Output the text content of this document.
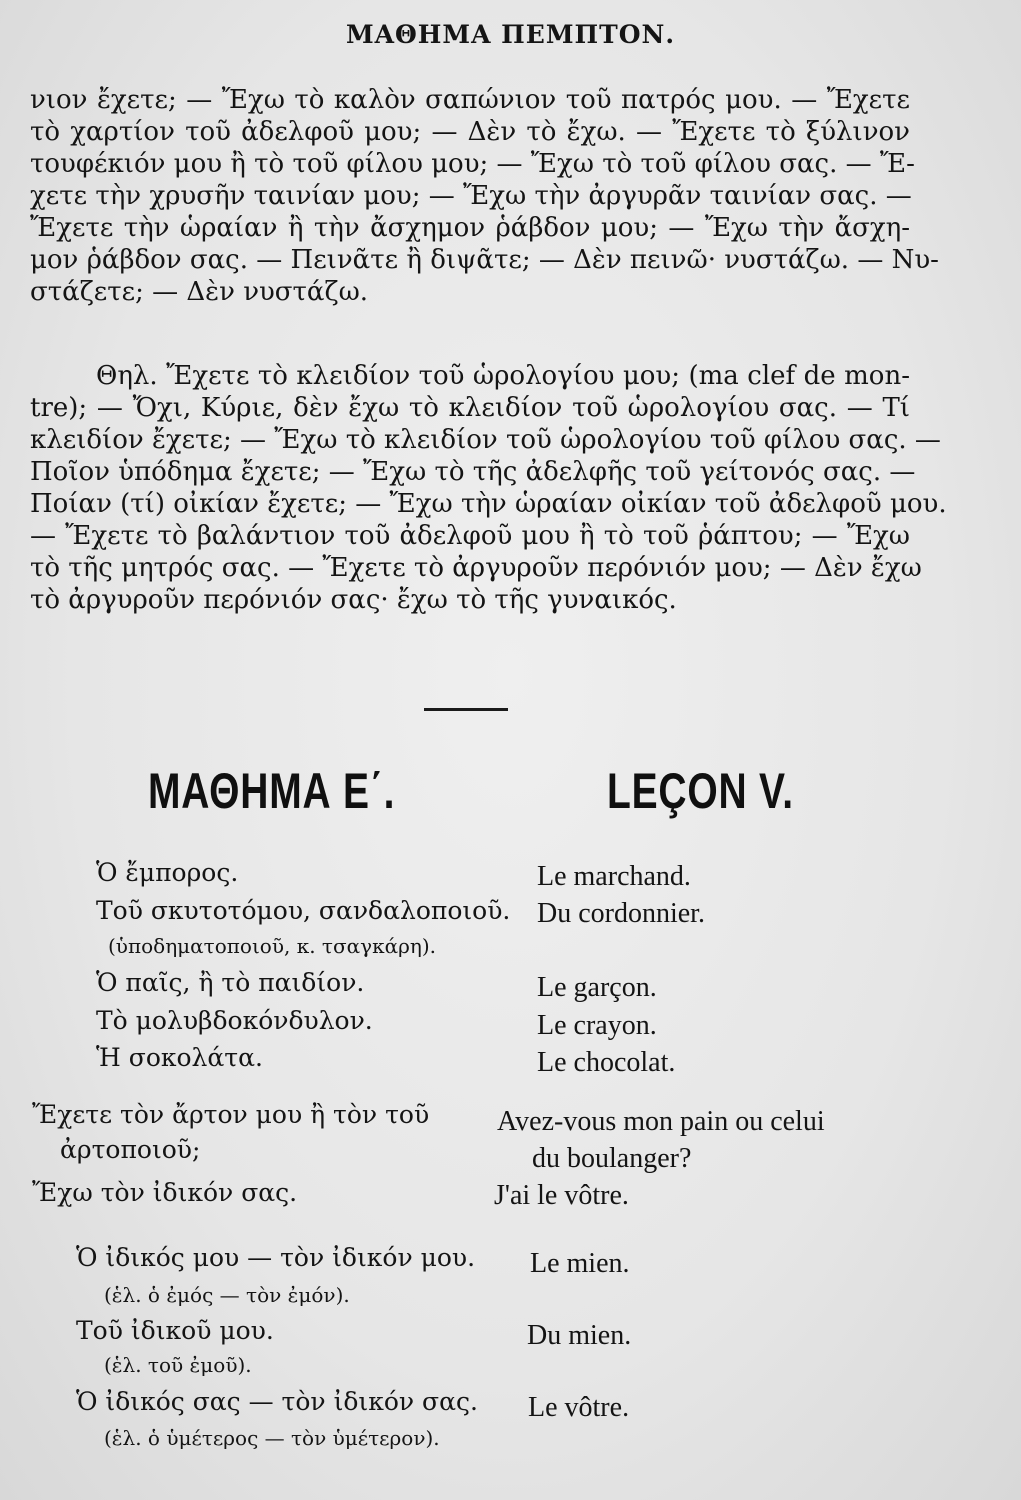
ΜΑΘΗΜΑ ΠΕΜΠΤΟΝ.
νιον ἔχετε; — Ἔχω τὸ καλὸν σαπώνιον τοῦ πατρός μου. — Ἔχετε
τὸ χαρτίον τοῦ ἀδελφοῦ μου; — Δὲν τὸ ἔχω. — Ἔχετε τὸ ξύλινον
τουφέκιόν μου ἢ τὸ τοῦ φίλου μου; — Ἔχω τὸ τοῦ φίλου σας. — Ἔ-
χετε τὴν χρυσῆν ταινίαν μου; — Ἔχω τὴν ἀργυρᾶν ταινίαν σας. —
Ἔχετε τὴν ὡραίαν ἢ τὴν ἄσχημον ῥάβδον μου; — Ἔχω τὴν ἄσχη-
μον ῥάβδον σας. — Πεινᾶτε ἢ διψᾶτε; — Δὲν πεινῶ· νυστάζω. — Νυ-
στάζετε; — Δὲν νυστάζω.
Θηλ. Ἔχετε τὸ κλειδίον τοῦ ὡρολογίου μου; (ma clef de mon-
tre); — Ὄχι, Κύριε, δὲν ἔχω τὸ κλειδίον τοῦ ὡρολογίου σας. — Τί
κλειδίον ἔχετε; — Ἔχω τὸ κλειδίον τοῦ ὡρολογίου τοῦ φίλου σας. —
Ποῖον ὑπόδημα ἔχετε; — Ἔχω τὸ τῆς ἀδελφῆς τοῦ γείτονός σας. —
Ποίαν (τί) οἰκίαν ἔχετε; — Ἔχω τὴν ὡραίαν οἰκίαν τοῦ ἀδελφοῦ μου.
— Ἔχετε τὸ βαλάντιον τοῦ ἀδελφοῦ μου ἢ τὸ τοῦ ῥάπτου; — Ἔχω
τὸ τῆς μητρός σας. — Ἔχετε τὸ ἀργυροῦν περόνιόν μου; — Δὲν ἔχω
τὸ ἀργυροῦν περόνιόν σας· ἔχω τὸ τῆς γυναικός.
ΜΑΘΗΜΑ Ε΄.	LEÇON V.
Ὁ ἔμπορος.
Τοῦ σκυτοτόμου, σανδαλοποιοῦ.
(ὑποδηματοποιοῦ, κ. τσαγκάρη).
Ὁ παῖς, ἢ τὸ παιδίον.
Τὸ μολυβδοκόνδυλον.
Ἡ σοκολάτα.
Le marchand.
Du cordonnier.
Le garçon.
Le crayon.
Le chocolat.
Ἔχετε τὸν ἄρτον μου ἢ τὸν τοῦ
ἀρτοποιοῦ;
Ἔχω τὸν ἰδικόν σας.
Avez-vous mon pain ou celui
du boulanger?
J'ai le vôtre.
Ὁ ἰδικός μου — τὸν ἰδικόν μου.
(ἑλ. ὁ ἐμός — τὸν ἐμόν).
Τοῦ ἰδικοῦ μου.
(ἑλ. τοῦ ἐμοῦ).
Ὁ ἰδικός σας — τὸν ἰδικόν σας.
(ἑλ. ὁ ὑμέτερος — τὸν ὑμέτερον).
Le mien.
Du mien.
Le vôtre.
